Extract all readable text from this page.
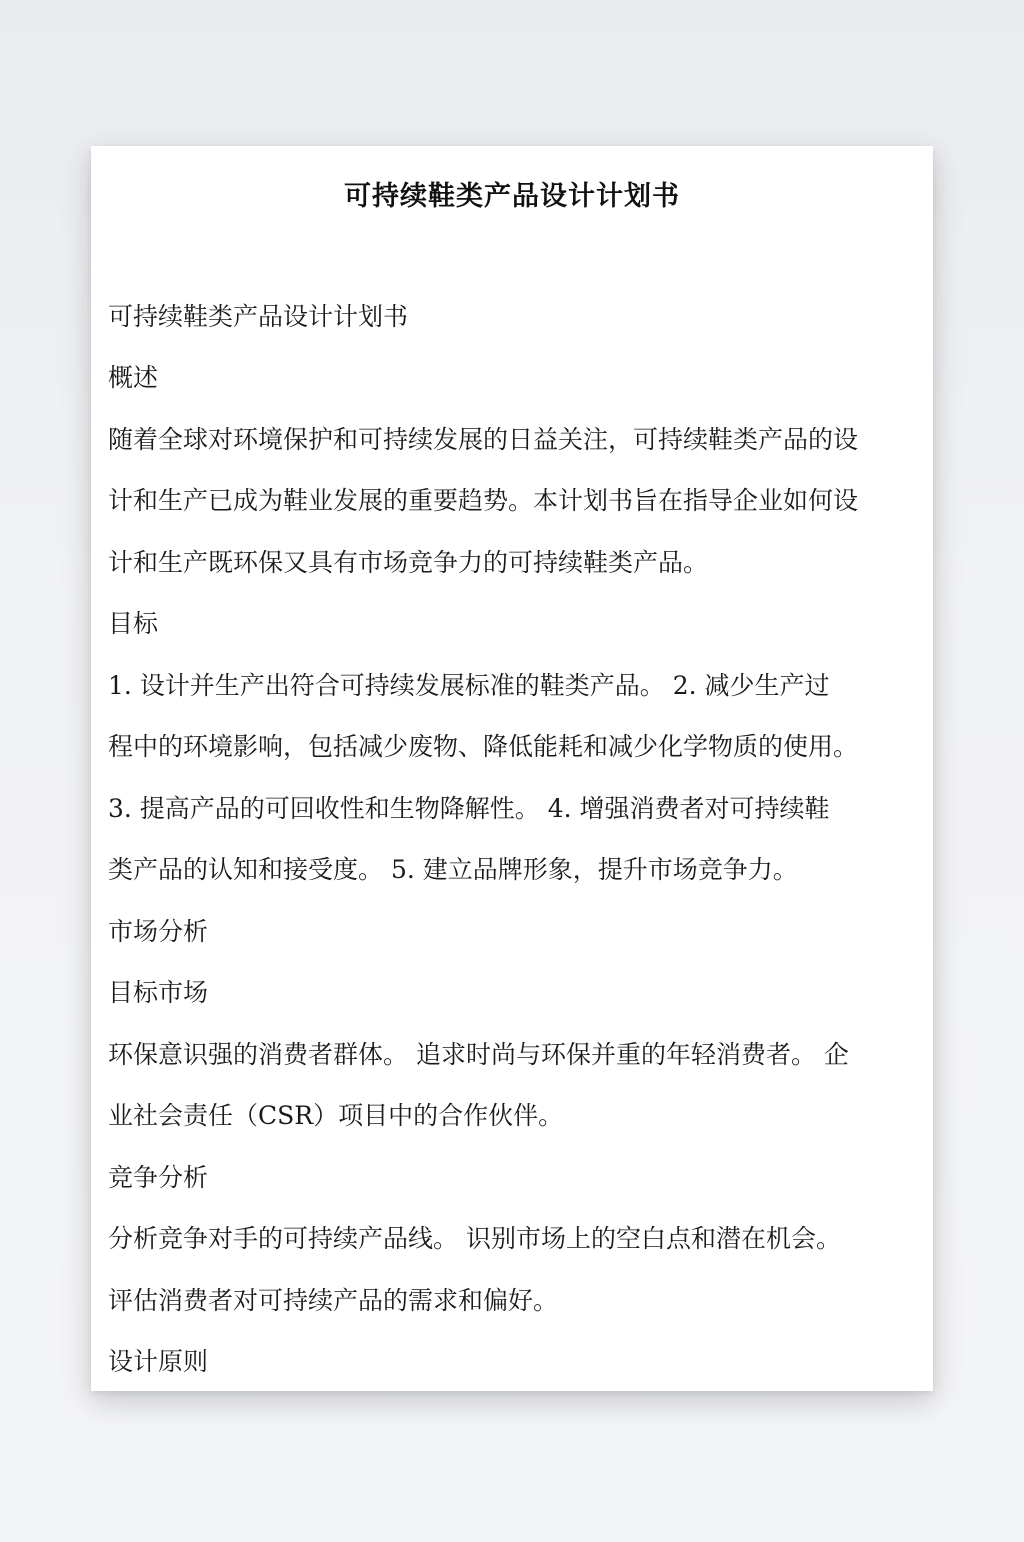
可持续鞋类产品设计计划书
可持续鞋类产品设计计划书
概述
随着全球对环境保护和可持续发展的日益关注，可持续鞋类产品的设
计和生产已成为鞋业发展的重要趋势。本计划书旨在指导企业如何设
计和生产既环保又具有市场竞争力的可持续鞋类产品。
目标
1. 设计并生产出符合可持续发展标准的鞋类产品。 2. 减少生产过
程中的环境影响，包括减少废物、降低能耗和减少化学物质的使用。
3. 提高产品的可回收性和生物降解性。 4. 增强消费者对可持续鞋
类产品的认知和接受度。 5. 建立品牌形象，提升市场竞争力。
市场分析
目标市场
环保意识强的消费者群体。 追求时尚与环保并重的年轻消费者。 企
业社会责任（CSR）项目中的合作伙伴。
竞争分析
分析竞争对手的可持续产品线。 识别市场上的空白点和潜在机会。
评估消费者对可持续产品的需求和偏好。
设计原则
